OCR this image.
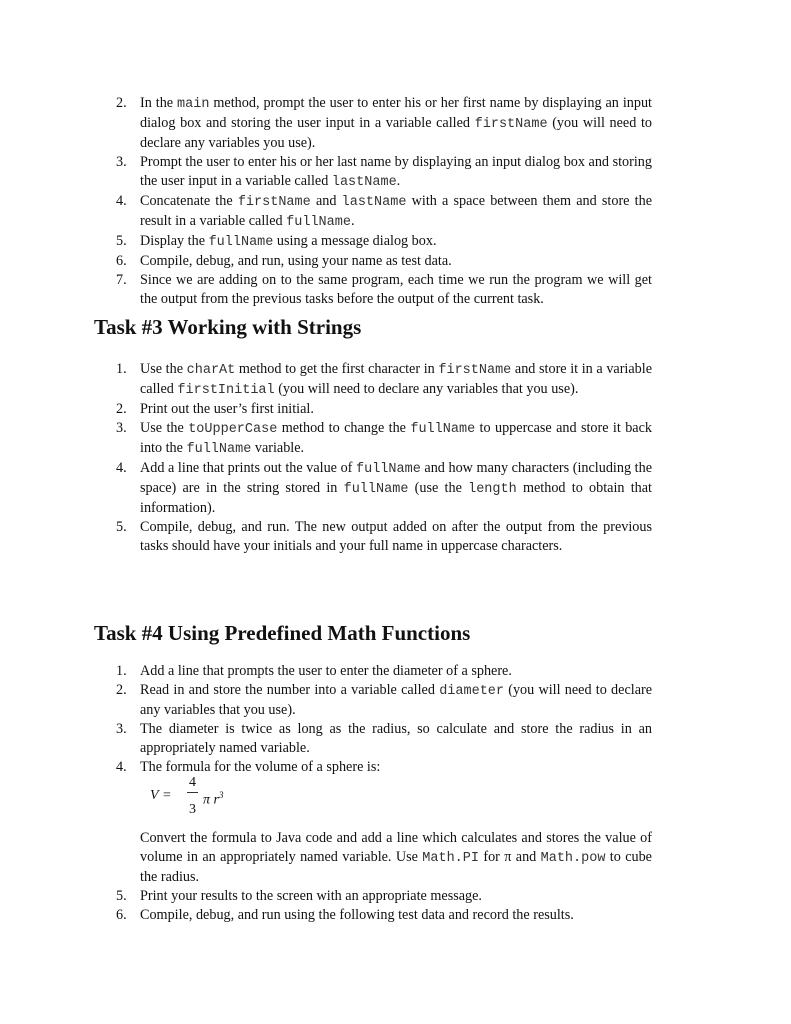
2. In the main method, prompt the user to enter his or her first name by displaying an input dialog box and storing the user input in a variable called firstName (you will need to declare any variables you use).
3. Prompt the user to enter his or her last name by displaying an input dialog box and storing the user input in a variable called lastName.
4. Concatenate the firstName and lastName with a space between them and store the result in a variable called fullName.
5. Display the fullName using a message dialog box.
6. Compile, debug, and run, using your name as test data.
7. Since we are adding on to the same program, each time we run the program we will get the output from the previous tasks before the output of the current task.
Task #3 Working with Strings
1. Use the charAt method to get the first character in firstName and store it in a variable called firstInitial (you will need to declare any variables that you use).
2. Print out the user’s first initial.
3. Use the toUpperCase method to change the fullName to uppercase and store it back into the fullName variable.
4. Add a line that prints out the value of fullName and how many characters (including the space) are in the string stored in fullName (use the length method to obtain that information).
5. Compile, debug, and run. The new output added on after the output from the previous tasks should have your initials and your full name in uppercase characters.
Task #4 Using Predefined Math Functions
1. Add a line that prompts the user to enter the diameter of a sphere.
2. Read in and store the number into a variable called diameter (you will need to declare any variables that you use).
3. The diameter is twice as long as the radius, so calculate and store the radius in an appropriately named variable.
4. The formula for the volume of a sphere is:
V =
4
3
π $r^3$
Convert the formula to Java code and add a line which calculates and stores the value of volume in an appropriately named variable. Use Math.PI for π and Math.pow to cube the radius.
5. Print your results to the screen with an appropriate message.
6. Compile, debug, and run using the following test data and record the results.
